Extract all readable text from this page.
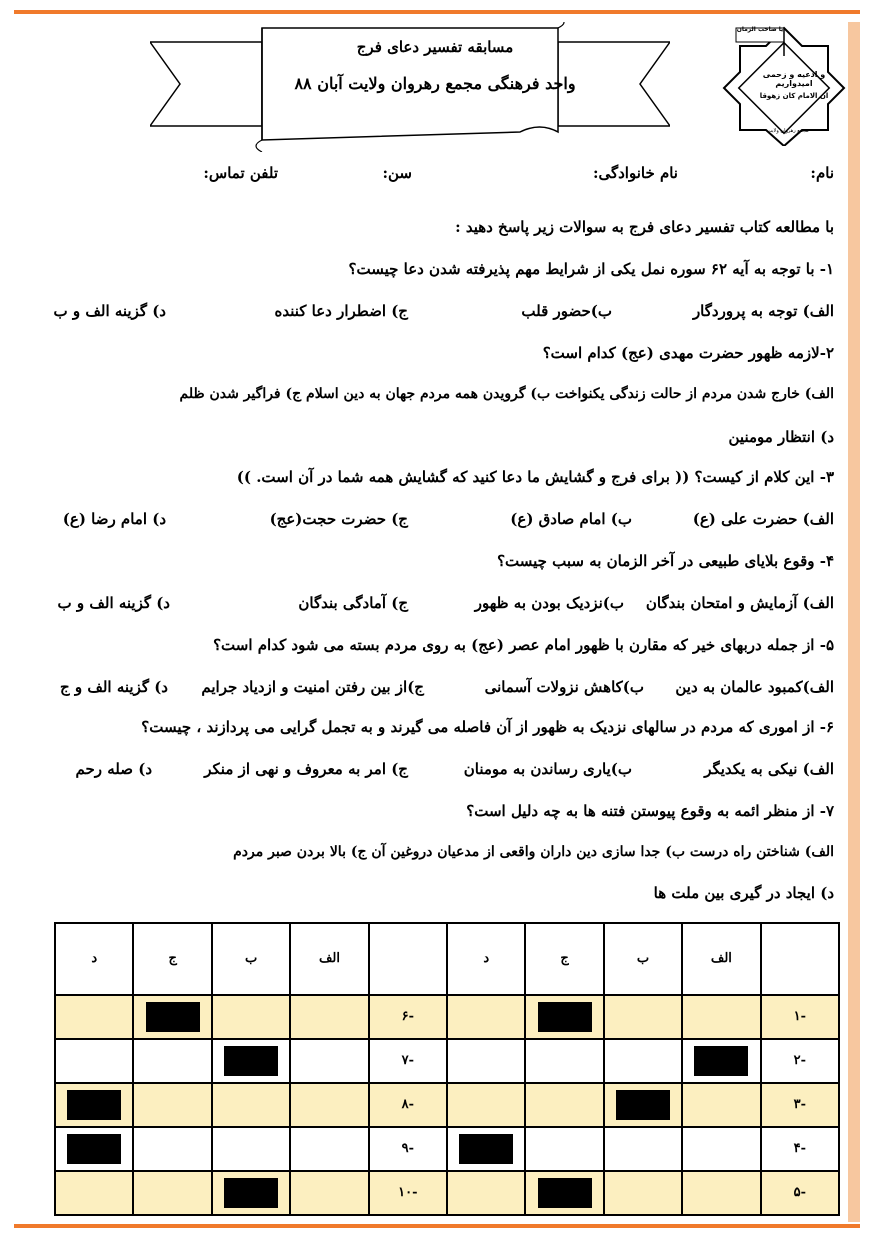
مسابقه تفسیر دعای فرج
واحد فرهنگی مجمع رهروان ولایت آبان ۸۸
یا صاحب الزمان
و ادعیه و زحمی امیدواریم
ان الامام کان زهوقا
مجمع رهروان ولایت
نام:
نام خانوادگی:
سن:
تلفن تماس:
با مطالعه کتاب تفسیر دعای فرج به سوالات زیر پاسخ دهید :
۱- با توجه به آیه ۶۲ سوره نمل یکی از شرایط مهم پذیرفته شدن دعا چیست؟
الف) توجه به پروردگار
ب)حضور قلب
ج) اضطرار دعا کننده
د) گزینه الف و ب
۲-لازمه ظهور حضرت مهدی (عج) کدام است؟
الف) خارج شدن مردم از حالت زندگی یکنواخت ب) گرویدن همه مردم جهان به دین اسلام ج) فراگیر شدن ظلم
د) انتظار مومنین
۳- این کلام از کیست؟ (( برای فرج و گشایش ما دعا کنید که گشایش همه شما در آن است. ))
الف) حضرت علی (ع)
ب) امام صادق (ع)
ج) حضرت حجت(عج)
د) امام رضا (ع)
۴- وقوع بلایای طبیعی در آخر الزمان به سبب چیست؟
الف) آزمایش و امتحان بندگان
ب)نزدیک بودن به ظهور
ج) آمادگی بندگان
د) گزینه الف و ب
۵- از جمله دربهای خیر که مقارن با ظهور امام عصر (عج) به روی مردم بسته می شود کدام است؟
الف)کمبود عالمان به دین
ب)کاهش نزولات آسمانی
ج)از بین رفتن امنیت و ازدیاد جرایم
د) گزینه الف و ج
۶- از اموری که مردم در سالهای نزدیک به ظهور از آن فاصله می گیرند و به تجمل گرایی می پردازند ، چیست؟
الف) نیکی به یکدیگر
ب)یاری رساندن به مومنان
ج) امر به معروف و نهی از منکر
د) صله رحم
۷- از منظر ائمه به وقوع پیوستن فتنه ها به چه دلیل است؟
الف) شناختن راه درست ب) جدا سازی دین داران واقعی از مدعیان دروغین آن ج) بالا بردن صبر مردم
د) ایجاد در گیری بین ملت ها
	الف	ب	ج	د		الف	ب	ج	د
-۱					-۶				
-۲					-۷				
-۳					-۸				
-۴					-۹				
-۵					-۱۰				
